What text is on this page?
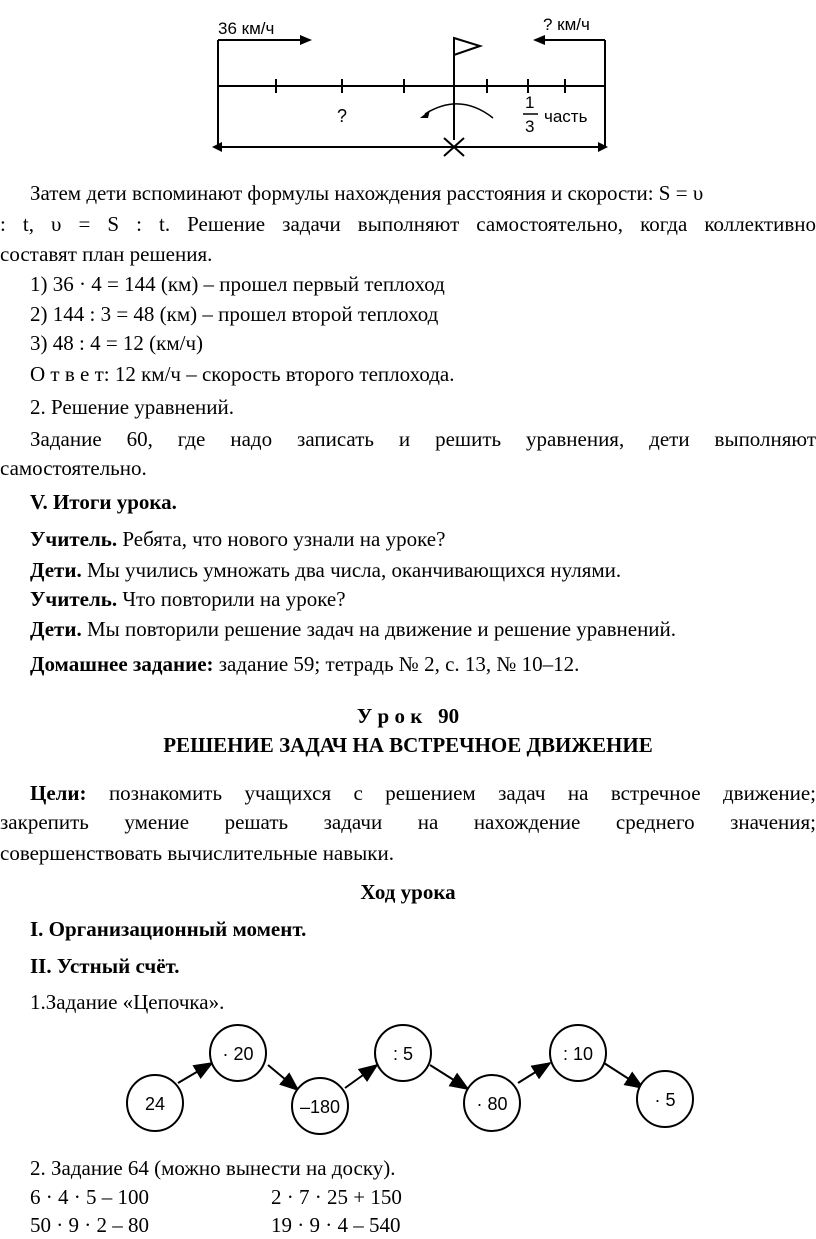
36 км/ч	? км/ч
?
1
3
часть
Затем дети вспоминают формулы нахождения расстояния и скорости: S = υ
: t, υ = S : t. Решение задачи выполняют самостоятельно, когда коллективно
составят план решения.
1) 36 · 4 = 144 (км) – прошел первый теплоход
2) 144 : 3 = 48 (км) – прошел второй теплоход
3) 48 : 4 = 12 (км/ч)
О т в е т: 12 км/ч – скорость второго теплохода.
2. Решение уравнений.
Задание 60, где надо записать и решить уравнения, дети выполняют
самостоятельно.
V. Итоги урока.
Учитель. Ребята, что нового узнали на уроке?
Дети. Мы учились умножать два числа, оканчивающихся нулями.
Учитель. Что повторили на уроке?
Дети. Мы повторили решение задач на движение и решение уравнений.
Домашнее задание: задание 59; тетрадь № 2, с. 13, № 10–12.
У р о к   90
РЕШЕНИЕ ЗАДАЧ НА ВСТРЕЧНОЕ ДВИЖЕНИЕ
Цели: познакомить учащихся с решением задач на встречное движение;
закрепить умение решать задачи на нахождение среднего значения;
совершенствовать вычислительные навыки.
Ход урока
I. Организационный момент.
II. Устный счёт.
1.Задание «Цепочка».
24
· 20
–180
: 5
· 80
: 10
· 5
2. Задание 64 (можно вынести на доску).
6 · 4 · 5 – 100	2 · 7 · 25 + 150
50 · 9 · 2 – 80	19 · 9 · 4 – 540
